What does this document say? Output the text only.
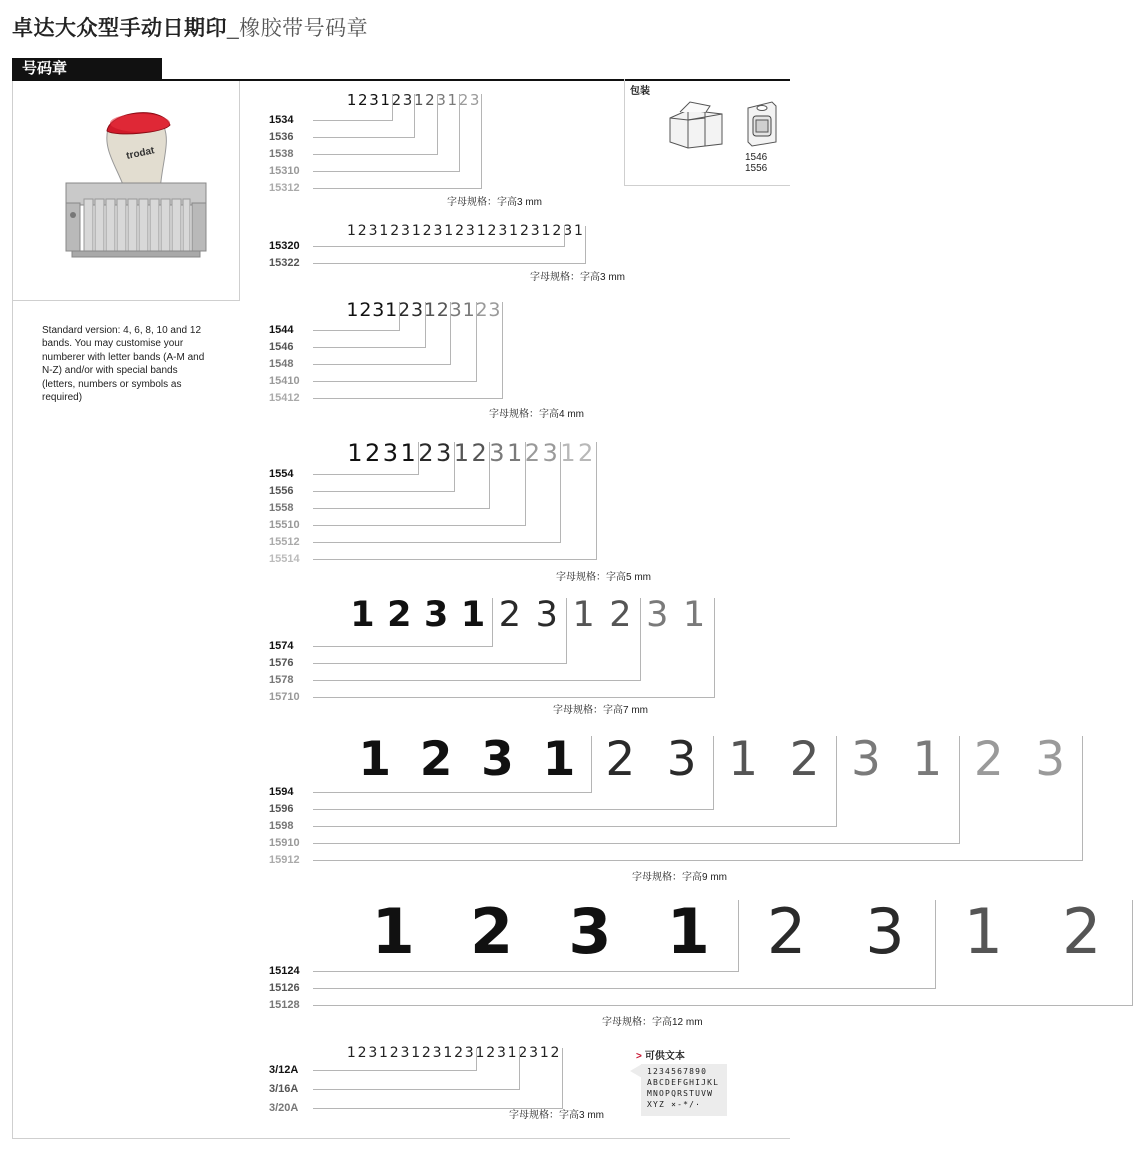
卓达大众型手动日期印_橡胶带号码章
号码章
trodat
Standard version: 4, 6, 8, 10 and 12 bands. You may customise your numberer with letter bands (A-M and N-Z) and/or with special bands (letters, numbers or symbols as required)
包装
1546
1556
1 2 3 1 2 3 1 2 3 1 2 3
1534
1536
1538
15310
15312
字母规格：字高3 mm
1 2 3 1 2 3 1 2 3 1 2 3 1 2 3 1 2 3 1 2 3 1
15320
15322
字母规格：字高3 mm
123123123123
1544
1546
1548
15410
15412
字母规格：字高4 mm
1 2 3 1 2 3 1 2 3 1 2 3 1 2
1554
1556
1558
15510
15512
15514
字母规格：字高5 mm
1 2 3 1 2 3 1 2 3 1
1574
1576
1578
15710
字母规格：字高7 mm
1 2 3 1 2 3 1 2 3 1 2 3
1594
1596
1598
15910
15912
字母规格：字高9 mm
1 2 3 1 2 3 1 2
15124
15126
15128
字母规格：字高12 mm
1 2 3 1 2 3 1 2 3 1 2 3 1 2 3 1 2 3 1 2
3/12A
3/16A
3/20A
字母规格：字高3 mm
> 可供文本
1234567890
ABCDEFGHIJKL
MNOPQRSTUVW
XYZ ×-*/·
